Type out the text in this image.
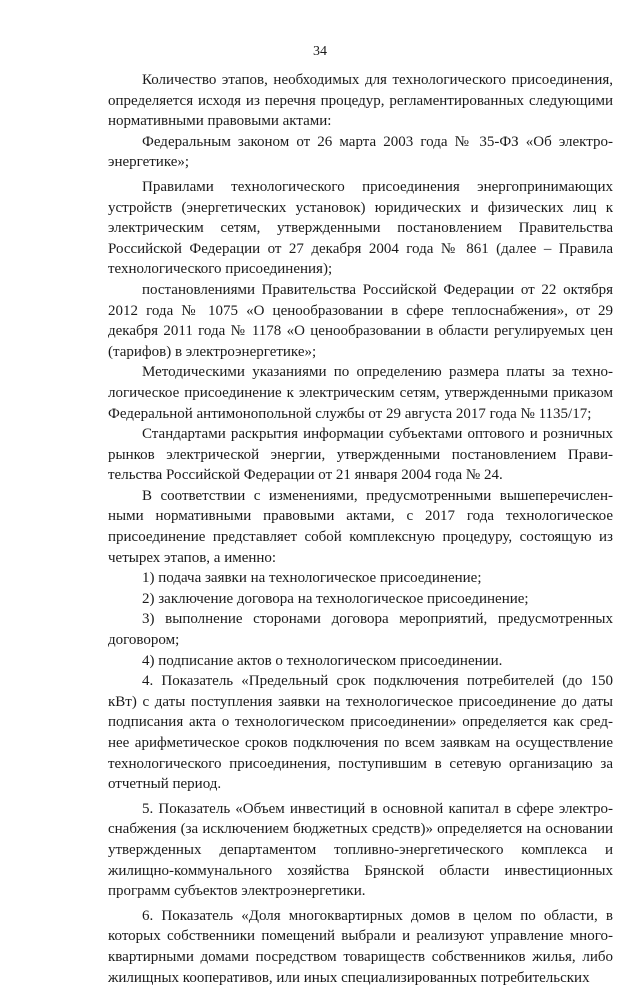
34

Количество этапов, необходимых для технологического присоединения, определяется исходя из перечня процедур, регламентированных следующими нормативными правовыми актами:

Федеральным законом от 26 марта 2003 года № 35-ФЗ «Об электроэнергетике»;

Правилами технологического присоединения энергопринимающих устройств (энергетических установок) юридических и физических лиц к электрическим сетям, утвержденными постановлением Правительства Российской Федерации от 27 декабря 2004 года № 861 (далее – Правила технологического присоединения);

постановлениями Правительства Российской Федерации от 22 октября 2012 года № 1075 «О ценообразовании в сфере теплоснабжения», от 29 декабря 2011 года № 1178 «О ценообразовании в области регулируемых цен (тарифов) в электроэнергетике»;

Методическими указаниями по определению размера платы за технологическое присоединение к электрическим сетям, утвержденными приказом Федеральной антимонопольной службы от 29 августа 2017 года № 1135/17;

Стандартами раскрытия информации субъектами оптового и розничных рынков электрической энергии, утвержденными постановлением Правительства Российской Федерации от 21 января 2004 года № 24.

В соответствии с изменениями, предусмотренными вышеперечисленными нормативными правовыми актами, с 2017 года технологическое присоединение представляет собой комплексную процедуру, состоящую из четырех этапов, а именно:

1) подача заявки на технологическое присоединение;

2) заключение договора на технологическое присоединение;

3) выполнение сторонами договора мероприятий, предусмотренных договором;

4) подписание актов о технологическом присоединении.

4. Показатель «Предельный срок подключения потребителей (до 150 кВт) с даты поступления заявки на технологическое присоединение до даты подписания акта о технологическом присоединении» определяется как среднее арифметическое сроков подключения по всем заявкам на осуществление технологического присоединения, поступившим в сетевую организацию за отчетный период.

5. Показатель «Объем инвестиций в основной капитал в сфере электроснабжения (за исключением бюджетных средств)» определяется на основании утвержденных департаментом топливно-энергетического комплекса и жилищно-коммунального хозяйства Брянской области инвестиционных программ субъектов электроэнергетики.

6. Показатель «Доля многоквартирных домов в целом по области, в которых собственники помещений выбрали и реализуют управление многоквартирными домами посредством товариществ собственников жилья, либо жилищных кооперативов, или иных специализированных потребительских
